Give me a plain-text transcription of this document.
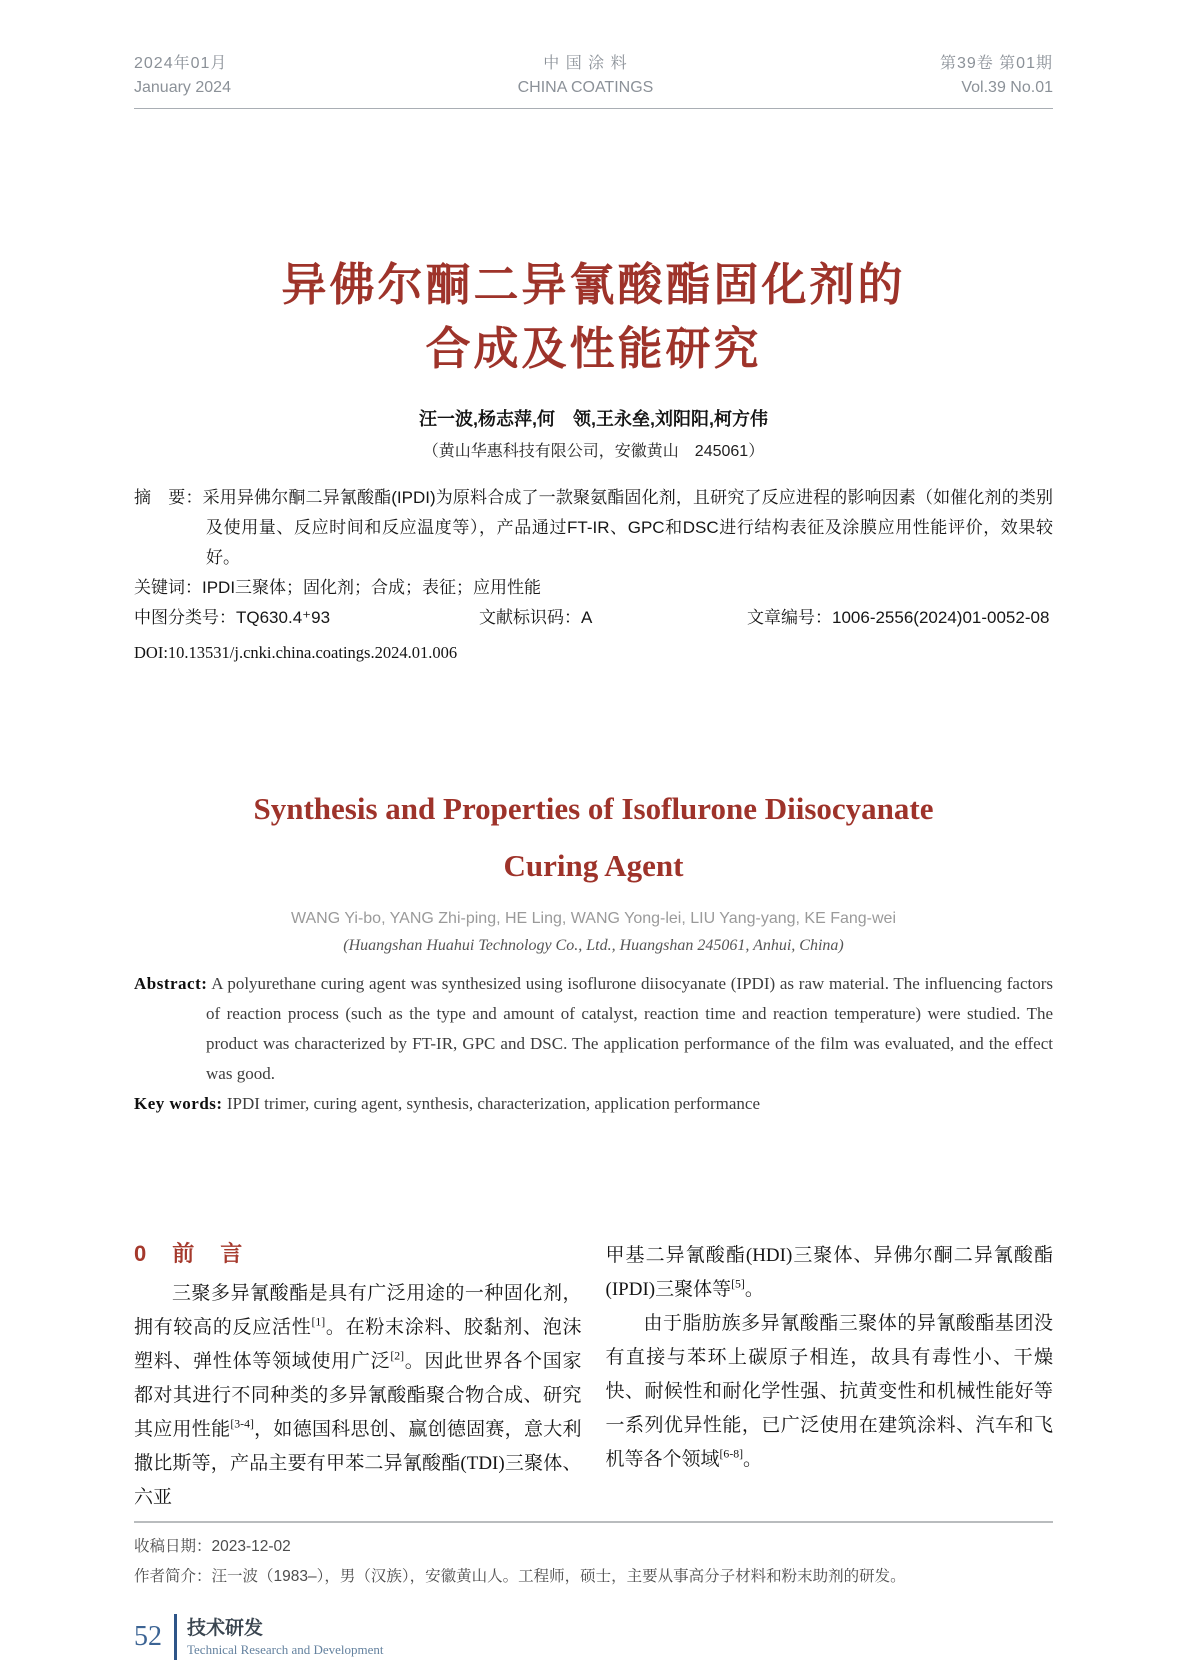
2024年01月
January 2024
中 国 涂 料
CHINA COATINGS
第39卷 第01期
Vol.39 No.01
异佛尔酮二异氰酸酯固化剂的
合成及性能研究
汪一波,杨志萍,何　领,王永垒,刘阳阳,柯方伟
（黄山华惠科技有限公司，安徽黄山　245061）

摘　要：采用异佛尔酮二异氰酸酯(IPDI)为原料合成了一款聚氨酯固化剂，且研究了反应进程的影响因素（如催化剂的类别及使用量、反应时间和反应温度等），产品通过FT-IR、GPC和DSC进行结构表征及涂膜应用性能评价，效果较好。

关键词：IPDI三聚体；固化剂；合成；表征；应用性能

中图分类号：TQ630.4⁺93	文献标识码：A	文章编号：1006-2556(2024)01-0052-08
DOI:10.13531/j.cnki.china.coatings.2024.01.006
Synthesis and Properties of Isoflurone Diisocyanate
Curing Agent
WANG Yi-bo, YANG Zhi-ping, HE Ling, WANG Yong-lei, LIU Yang-yang, KE Fang-wei
(Huangshan Huahui Technology Co., Ltd., Huangshan 245061, Anhui, China)

Abstract: A polyurethane curing agent was synthesized using isoflurone diisocyanate (IPDI) as raw material. The influencing factors of reaction process (such as the type and amount of catalyst, reaction time and reaction temperature) were studied. The product was characterized by FT-IR, GPC and DSC. The application performance of the film was evaluated, and the effect was good.

Key words: IPDI trimer, curing agent, synthesis, characterization, application performance

0　前　言

三聚多异氰酸酯是具有广泛用途的一种固化剂，拥有较高的反应活性[1]。在粉末涂料、胶黏剂、泡沫塑料、弹性体等领域使用广泛[2]。因此世界各个国家都对其进行不同种类的多异氰酸酯聚合物合成、研究其应用性能[3-4]，如德国科思创、赢创德固赛，意大利撒比斯等，产品主要有甲苯二异氰酸酯(TDI)三聚体、六亚

甲基二异氰酸酯(HDI)三聚体、异佛尔酮二异氰酸酯(IPDI)三聚体等[5]。

由于脂肪族多异氰酸酯三聚体的异氰酸酯基团没有直接与苯环上碳原子相连，故具有毒性小、干燥快、耐候性和耐化学性强、抗黄变性和机械性能好等一系列优异性能，已广泛使用在建筑涂料、汽车和飞机等各个领域[6-8]。

收稿日期：2023-12-02
作者简介：汪一波（1983–），男（汉族），安徽黄山人。工程师，硕士，主要从事高分子材料和粉末助剂的研发。
52 技术研发
Technical Research and Development
